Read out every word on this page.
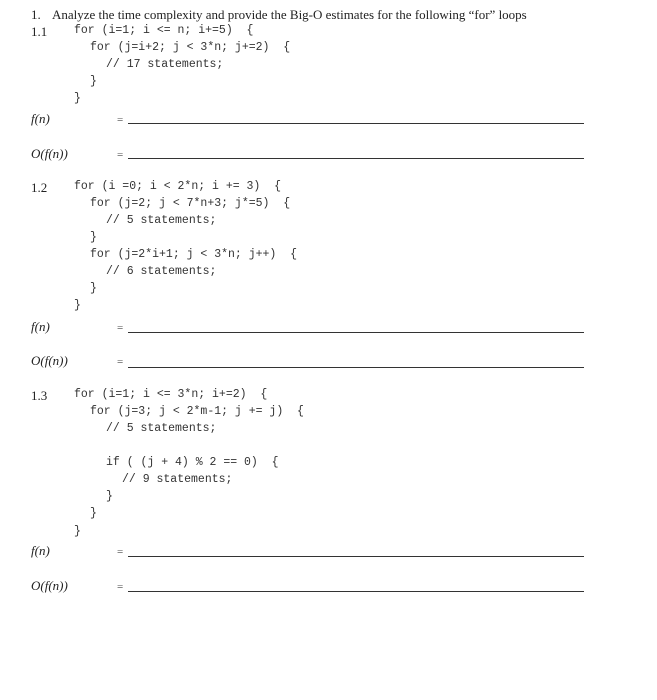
1. Analyze the time complexity and provide the Big-O estimates for the following “for” loops
1.1 for (i=1; i <= n; i+=5)  {
for (j=i+2; j < 3*n; j+=2)  {
// 17 statements;
}
}
f(n)	=
O(f(n))	=
1.2 for (i =0; i < 2*n; i += 3)  {
for (j=2; j < 7*n+3; j*=5)  {
// 5 statements;
}
for (j=2*i+1; j < 3*n; j++)  {
// 6 statements;
}
}
f(n)	=
O(f(n))	=
1.3 for (i=1; i <= 3*n; i+=2)  {
for (j=3; j < 2*m-1; j += j)  {
// 5 statements;
if ( (j + 4) % 2 == 0)  {
// 9 statements;
}
}
}
f(n)	=
O(f(n))	=
